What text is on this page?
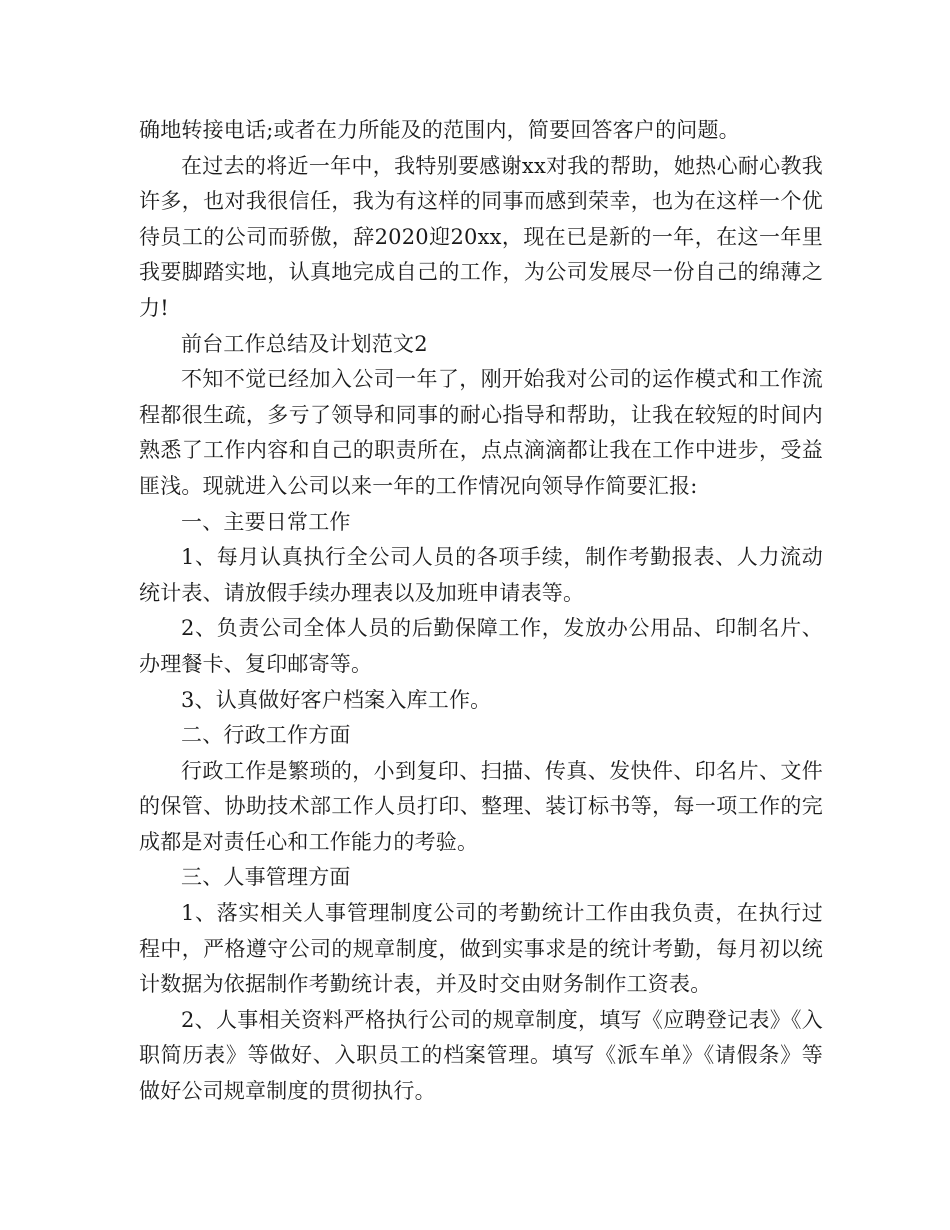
确地转接电话;或者在力所能及的范围内，简要回答客户的问题。

在过去的将近一年中，我特别要感谢xx对我的帮助，她热心耐心教我许多，也对我很信任，我为有这样的同事而感到荣幸，也为在这样一个优待员工的公司而骄傲，辞2020迎20xx，现在已是新的一年，在这一年里我要脚踏实地，认真地完成自己的工作，为公司发展尽一份自己的绵薄之力!

前台工作总结及计划范文2

不知不觉已经加入公司一年了，刚开始我对公司的运作模式和工作流程都很生疏，多亏了领导和同事的耐心指导和帮助，让我在较短的时间内熟悉了工作内容和自己的职责所在，点点滴滴都让我在工作中进步，受益匪浅。现就进入公司以来一年的工作情况向领导作简要汇报:

一、主要日常工作

1、每月认真执行全公司人员的各项手续，制作考勤报表、人力流动统计表、请放假手续办理表以及加班申请表等。

2、负责公司全体人员的后勤保障工作，发放办公用品、印制名片、办理餐卡、复印邮寄等。

3、认真做好客户档案入库工作。

二、行政工作方面

行政工作是繁琐的，小到复印、扫描、传真、发快件、印名片、文件的保管、协助技术部工作人员打印、整理、装订标书等，每一项工作的完成都是对责任心和工作能力的考验。

三、人事管理方面

1、落实相关人事管理制度公司的考勤统计工作由我负责，在执行过程中，严格遵守公司的规章制度，做到实事求是的统计考勤，每月初以统计数据为依据制作考勤统计表，并及时交由财务制作工资表。

2、人事相关资料严格执行公司的规章制度，填写《应聘登记表》《入职简历表》等做好、入职员工的档案管理。填写《派车单》《请假条》等做好公司规章制度的贯彻执行。
